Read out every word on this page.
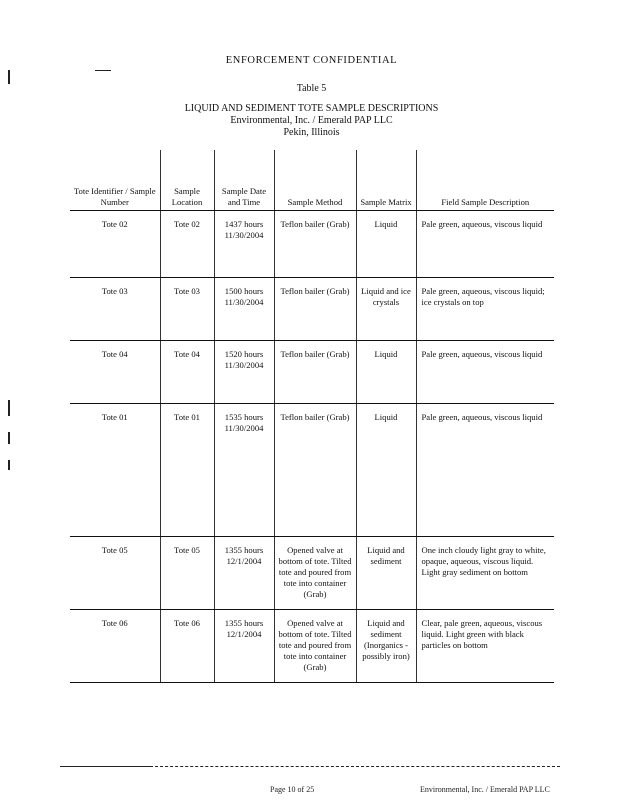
ENFORCEMENT CONFIDENTIAL
Table 5
LIQUID AND SEDIMENT TOTE SAMPLE DESCRIPTIONS
Environmental, Inc. / Emerald PAP LLC
Pekin, Illinois
Tote Identifier / Sample Number	Sample Location	Sample Date and Time	Sample Method	Sample Matrix	Field Sample Description
Tote 02	Tote 02	1437 hours 11/30/2004	Teflon bailer (Grab)	Liquid	Pale green, aqueous, viscous liquid
Tote 03	Tote 03	1500 hours 11/30/2004	Teflon bailer (Grab)	Liquid and ice crystals	Pale green, aqueous, viscous liquid; ice crystals on top
Tote 04	Tote 04	1520 hours 11/30/2004	Teflon bailer (Grab)	Liquid	Pale green, aqueous, viscous liquid
Tote 01	Tote 01	1535 hours 11/30/2004	Teflon bailer (Grab)	Liquid	Pale green, aqueous, viscous liquid
Tote 05	Tote 05	1355 hours 12/1/2004	Opened valve at bottom of tote. Tilted tote and poured from tote into container (Grab)	Liquid and sediment	One inch cloudy light gray to white, opaque, aqueous, viscous liquid. Light gray sediment on bottom
Tote 06	Tote 06	1355 hours 12/1/2004	Opened valve at bottom of tote. Tilted tote and poured from tote into container (Grab)	Liquid and sediment (Inorganics - possibly iron)	Clear, pale green, aqueous, viscous liquid. Light green with black particles on bottom
Page 10 of 25	Environmental, Inc. / Emerald PAP LLC
